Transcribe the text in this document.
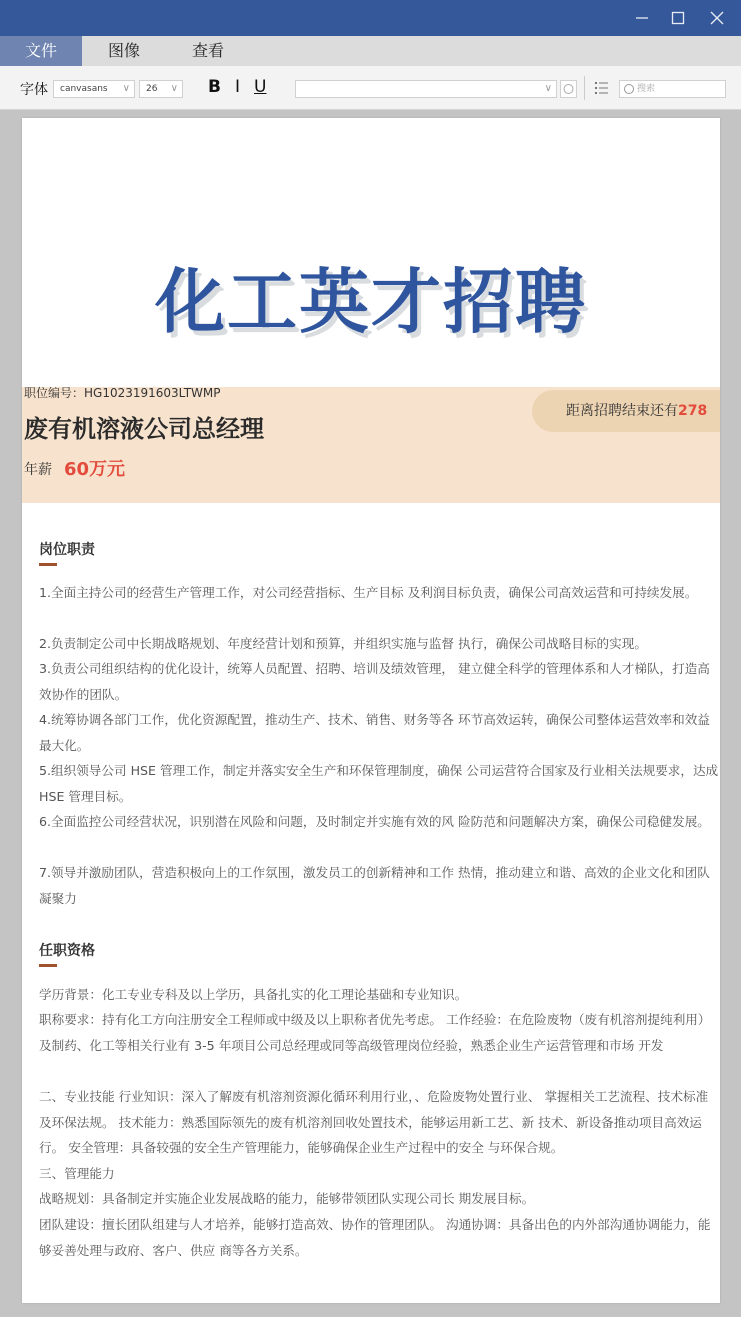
文件	图像	查看
字体	canvasans ∨	26 ∨ B I U	∨	搜索
化工英才招聘
职位编号：HG1023191603LTWMP
废有机溶液公司总经理
年薪 60万元
距离招聘结束还有278
岗位职责
1.全面主持公司的经营生产管理工作，对公司经营指标、生产目标 及利润目标负责，确保公司高效运营和可持续发展。
2.负责制定公司中长期战略规划、年度经营计划和预算，并组织实施与监督 执行，确保公司战略目标的实现。
3.负责公司组织结构的优化设计，统筹人员配置、招聘、培训及绩效管理， 建立健全科学的管理体系和人才梯队，打造高效协作的团队。
4.统筹协调各部门工作，优化资源配置，推动生产、技术、销售、财务等各 环节高效运转，确保公司整体运营效率和效益最大化。
5.组织领导公司 HSE 管理工作，制定并落实安全生产和环保管理制度，确保 公司运营符合国家及行业相关法规要求，达成 HSE 管理目标。
6.全面监控公司经营状况，识别潜在风险和问题，及时制定并实施有效的风 险防范和问题解决方案，确保公司稳健发展。
7.领导并激励团队，营造积极向上的工作氛围，激发员工的创新精神和工作 热情，推动建立和谐、高效的企业文化和团队凝聚力
任职资格
学历背景：化工专业专科及以上学历，具备扎实的化工理论基础和专业知识。
职称要求：持有化工方向注册安全工程师或中级及以上职称者优先考虑。 工作经验：在危险废物（废有机溶剂提纯利用）及制药、化工等相关行业有 3-5 年项目公司总经理或同等高级管理岗位经验，熟悉企业生产运营管理和市场 开发
二、专业技能 行业知识：深入了解废有机溶剂资源化循环利用行业，、危险废物处置行业、 掌握相关工艺流程、技术标准及环保法规。 技术能力：熟悉国际领先的废有机溶剂回收处置技术，能够运用新工艺、新 技术、新设备推动项目高效运行。 安全管理：具备较强的安全生产管理能力，能够确保企业生产过程中的安全 与环保合规。
三、管理能力
战略规划：具备制定并实施企业发展战略的能力，能够带领团队实现公司长 期发展目标。
团队建设：擅长团队组建与人才培养，能够打造高效、协作的管理团队。 沟通协调：具备出色的内外部沟通协调能力，能够妥善处理与政府、客户、供应 商等各方关系。
